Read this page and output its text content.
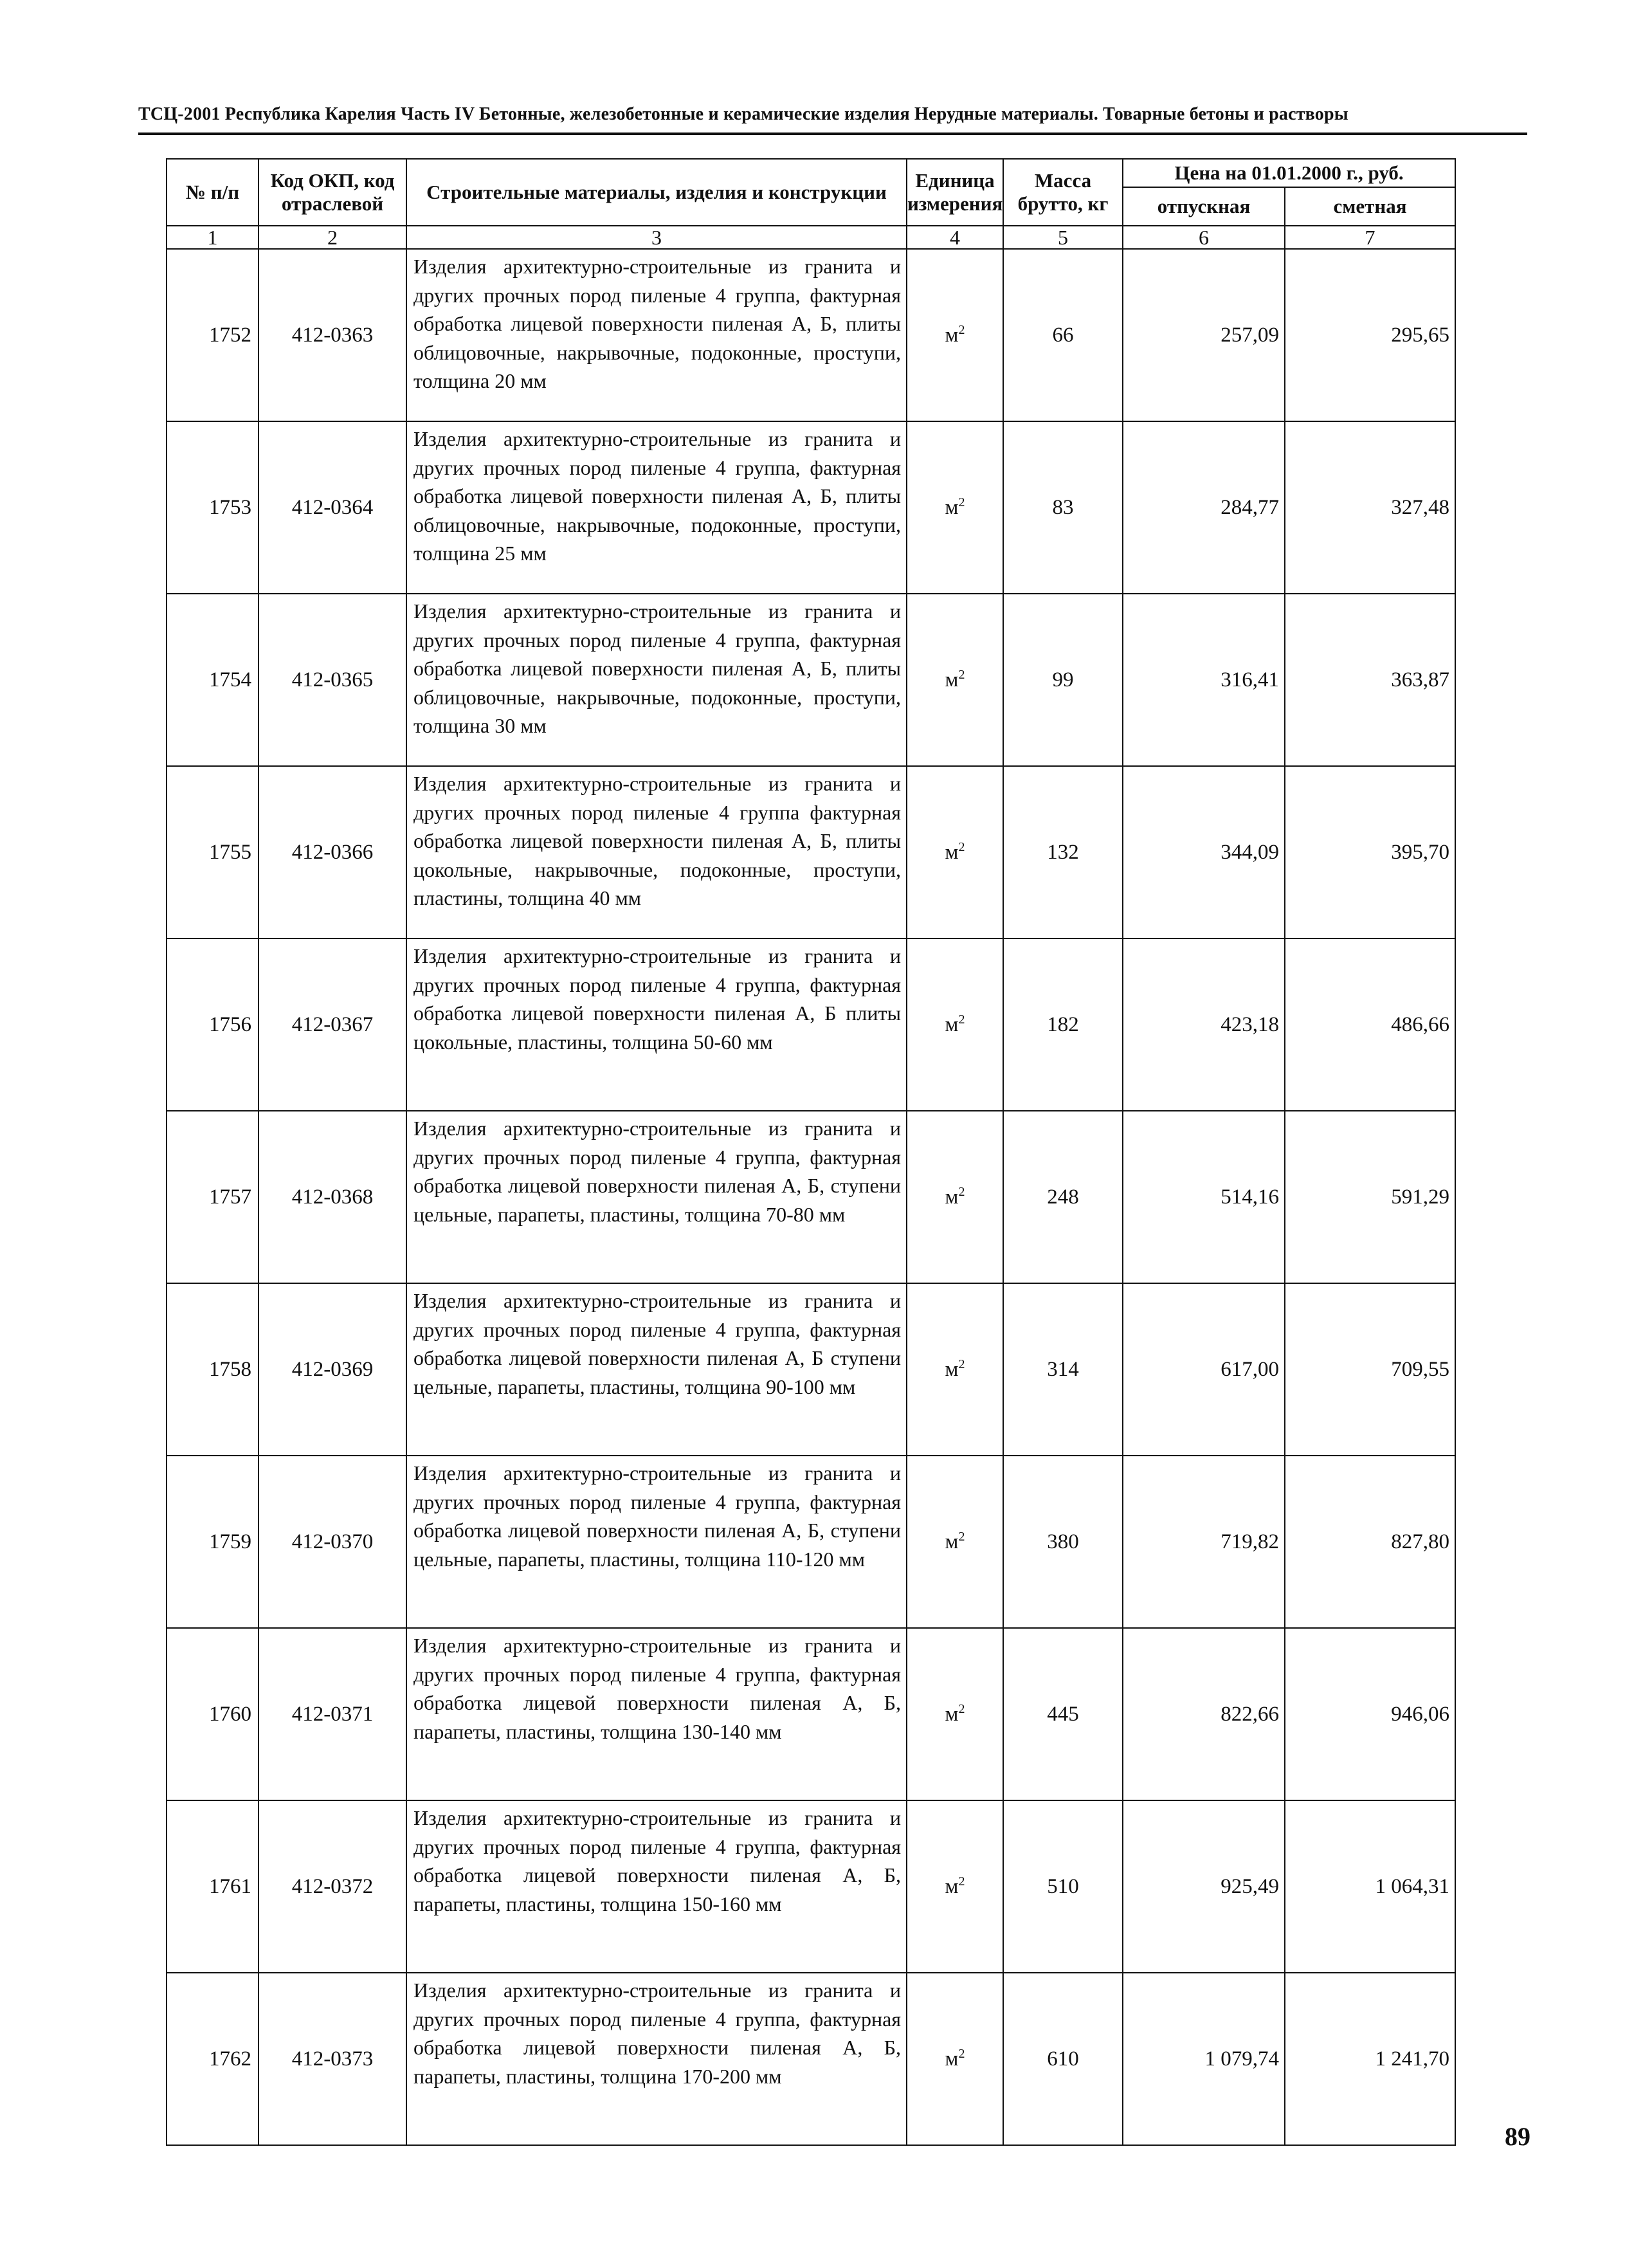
ТСЦ-2001 Республика Карелия Часть IV Бетонные, железобетонные и керамические изделия Нерудные материалы. Товарные бетоны и растворы
№ п/п	Код ОКП, код отраслевой	Строительные материалы, изделия и конструкции	Единица измерения	Масса брутто, кг	Цена на 01.01.2000 г., руб.	
					отпускная	сметная
1	2	3	4	5	6	7
1752	412-0363	Изделия архитектурно-строительные из гранита и других прочных пород пиленые 4 группа, фактурная обработка лицевой поверхности пиленая А, Б, плиты облицовочные, накрывочные, подоконные, проступи, толщина 20 мм	$м^2$	66	257,09	295,65
1753	412-0364	Изделия архитектурно-строительные из гранита и других прочных пород пиленые 4 группа, фактурная обработка лицевой поверхности пиленая А, Б, плиты облицовочные, накрывочные, подоконные, проступи, толщина 25 мм	$м^2$	83	284,77	327,48
1754	412-0365	Изделия архитектурно-строительные из гранита и других прочных пород пиленые 4 группа, фактурная обработка лицевой поверхности пиленая А, Б, плиты облицовочные, накрывочные, подоконные, проступи, толщина 30 мм	$м^2$	99	316,41	363,87
1755	412-0366	Изделия архитектурно-строительные из гранита и других прочных пород пиленые 4 группа фактурная обработка лицевой поверхности пиленая А, Б, плиты цокольные, накрывочные, подоконные, проступи, пластины, толщина 40 мм	$м^2$	132	344,09	395,70
1756	412-0367	Изделия архитектурно-строительные из гранита и других прочных пород пиленые 4 группа, фактурная обработка лицевой поверхности пиленая А, Б плиты цокольные, пластины, толщина 50-60 мм	$м^2$	182	423,18	486,66
1757	412-0368	Изделия архитектурно-строительные из гранита и других прочных пород пиленые 4 группа, фактурная обработка лицевой поверхности пиленая А, Б, ступени цельные, парапеты, пластины, толщина 70-80 мм	$м^2$	248	514,16	591,29
1758	412-0369	Изделия архитектурно-строительные из гранита и других прочных пород пиленые 4 группа, фактурная обработка лицевой поверхности пиленая А, Б ступени цельные, парапеты, пластины, толщина 90-100 мм	$м^2$	314	617,00	709,55
1759	412-0370	Изделия архитектурно-строительные из гранита и других прочных пород пиленые 4 группа, фактурная обработка лицевой поверхности пиленая А, Б, ступени цельные, парапеты, пластины, толщина 110-120 мм	$м^2$	380	719,82	827,80
1760	412-0371	Изделия архитектурно-строительные из гранита и других прочных пород пиленые 4 группа, фактурная обработка лицевой поверхности пиленая А, Б, парапеты, пластины, толщина 130-140 мм	$м^2$	445	822,66	946,06
1761	412-0372	Изделия архитектурно-строительные из гранита и других прочных пород пиленые 4 группа, фактурная обработка лицевой поверхности пиленая А, Б, парапеты, пластины, толщина 150-160 мм	$м^2$	510	925,49	1 064,31
1762	412-0373	Изделия архитектурно-строительные из гранита и других прочных пород пиленые 4 группа, фактурная обработка лицевой поверхности пиленая А, Б, парапеты, пластины, толщина 170-200 мм	$м^2$	610	1 079,74	1 241,70
89
